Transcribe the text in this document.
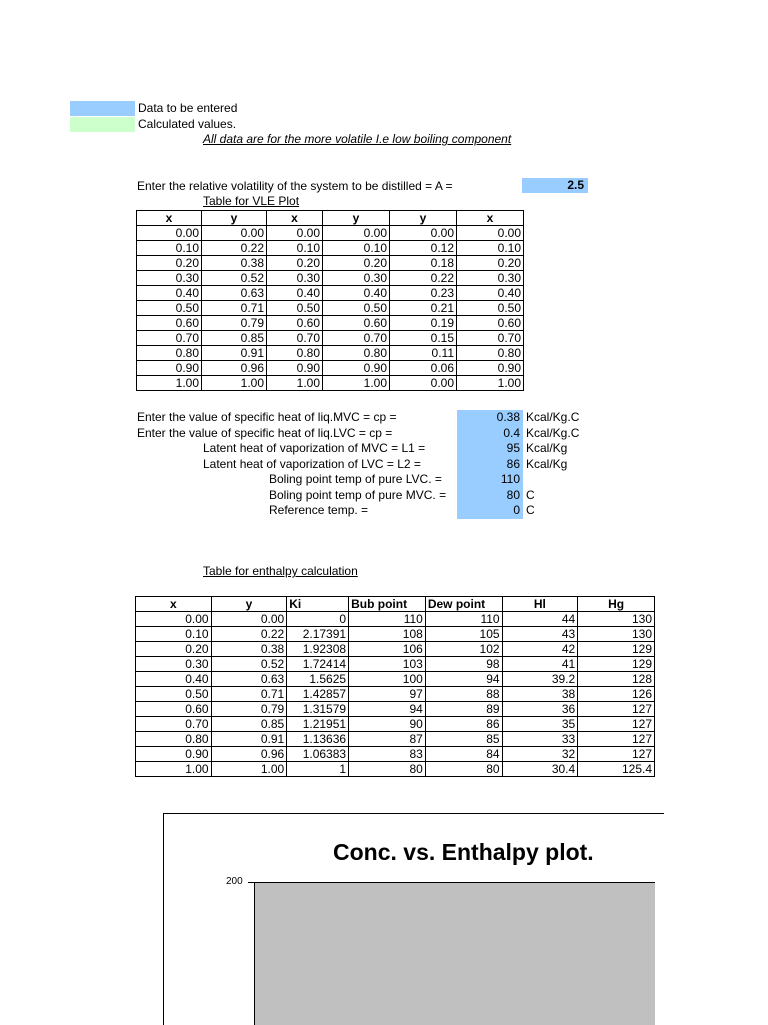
Data to be entered
Calculated values.
All data are for the more volatile I.e low boiling component
Enter the relative volatility of the system to be distilled = A =	2.5
Table for VLE Plot
x	y	x	y	$\overline{y}$	x
0.00	0.00	0.00	0.00	0.00	0.00
0.10	0.22	0.10	0.10	0.12	0.10
0.20	0.38	0.20	0.20	0.18	0.20
0.30	0.52	0.30	0.30	0.22	0.30
0.40	0.63	0.40	0.40	0.23	0.40
0.50	0.71	0.50	0.50	0.21	0.50
0.60	0.79	0.60	0.60	0.19	0.60
0.70	0.85	0.70	0.70	0.15	0.70
0.80	0.91	0.80	0.80	0.11	0.80
0.90	0.96	0.90	0.90	0.06	0.90
1.00	1.00	1.00	1.00	0.00	1.00
Enter the value of specific heat of liq.MVC = cp =	0.38 Kcal/Kg.C
Enter the value of specific heat of liq.LVC = cp =	0.4 Kcal/Kg.C
Latent heat of vaporization of MVC = L1 =	95 Kcal/Kg
Latent heat of vaporization of LVC = L2 =	86 Kcal/Kg
Boling point temp of pure LVC. =	110
Boling point temp of pure MVC. =	80 C
Reference temp. =	0 C
Table for enthalpy calculation
x	y	Ki	Bub point	Dew point	Hl	Hg
0.00	0.00	0	110	110	44	130
0.10	0.22	2.17391	108	105	43	130
0.20	0.38	1.92308	106	102	42	129
0.30	0.52	1.72414	103	98	41	129
0.40	0.63	1.5625	100	94	39.2	128
0.50	0.71	1.42857	97	88	38	126
0.60	0.79	1.31579	94	89	36	127
0.70	0.85	1.21951	90	86	35	127
0.80	0.91	1.13636	87	85	33	127
0.90	0.96	1.06383	83	84	32	127
1.00	1.00	1	80	80	30.4	125.4
Conc. vs. Enthalpy plot.
200
